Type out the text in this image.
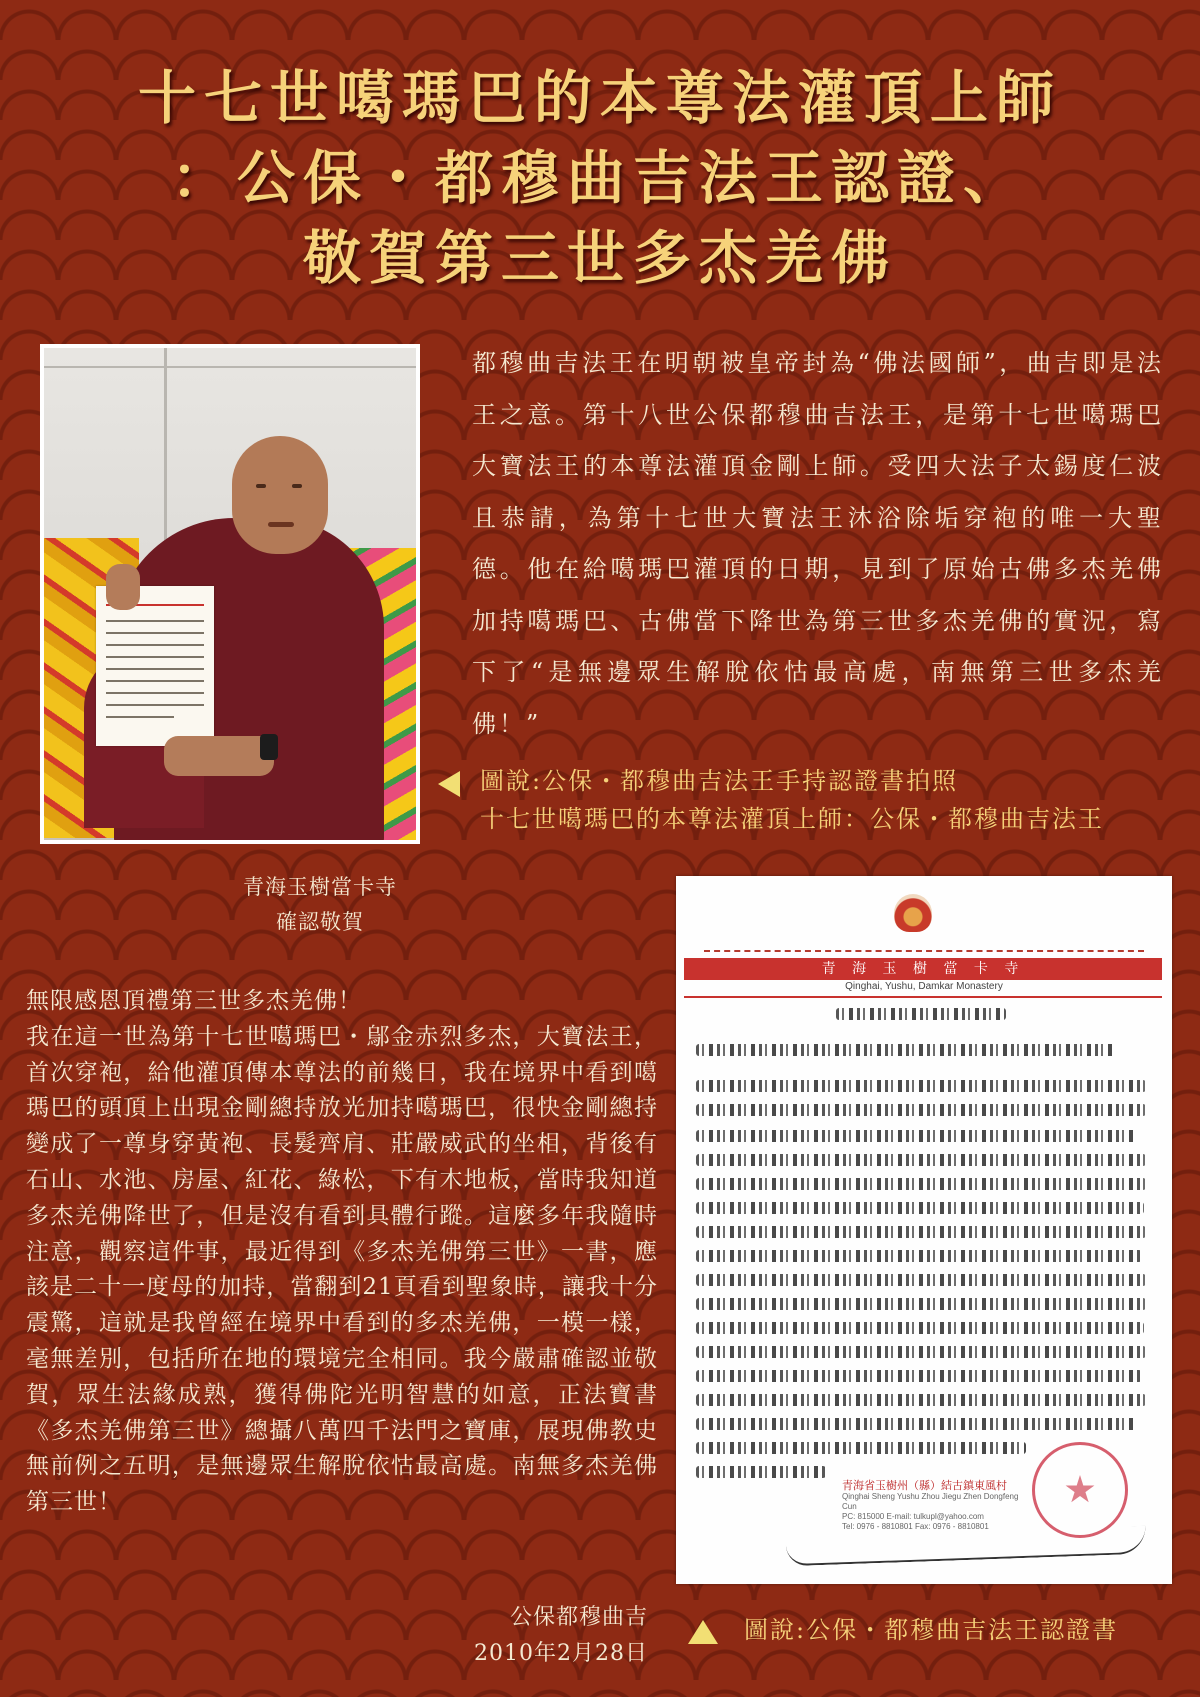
十七世噶瑪巴的本尊法灌頂上師
：公保・都穆曲吉法王認證、
敬賀第三世多杰羌佛

都穆曲吉法王在明朝被皇帝封為“佛法國師”，曲吉即是法王之意。第十八世公保都穆曲吉法王，是第十七世噶瑪巴大寶法王的本尊法灌頂金剛上師。受四大法子太錫度仁波且恭請，為第十七世大寶法王沐浴除垢穿袍的唯一大聖德。他在給噶瑪巴灌頂的日期，見到了原始古佛多杰羌佛加持噶瑪巴、古佛當下降世為第三世多杰羌佛的實況，寫下了“是無邊眾生解脫依怙最高處，南無第三世多杰羌佛！”

圖說:公保・都穆曲吉法王手持認證書拍照
十七世噶瑪巴的本尊法灌頂上師：公保・都穆曲吉法王

青海玉樹當卡寺
確認敬賀

無限感恩頂禮第三世多杰羌佛！
我在這一世為第十七世噶瑪巴・鄔金赤烈多杰，大寶法王，首次穿袍，給他灌頂傳本尊法的前幾日，我在境界中看到噶瑪巴的頭頂上出現金剛總持放光加持噶瑪巴，很快金剛總持變成了一尊身穿黃袍、長髮齊肩、莊嚴威武的坐相，背後有石山、水池、房屋、紅花、綠松，下有木地板，當時我知道多杰羌佛降世了，但是沒有看到具體行蹤。這麼多年我隨時注意，觀察這件事，最近得到《多杰羌佛第三世》一書，應該是二十一度母的加持，當翻到21頁看到聖象時，讓我十分震驚，這就是我曾經在境界中看到的多杰羌佛，一模一樣，毫無差別，包括所在地的環境完全相同。我今嚴肅確認並敬賀，眾生法緣成熟，獲得佛陀光明智慧的如意，正法寶書《多杰羌佛第三世》總攝八萬四千法門之寶庫，展現佛教史無前例之五明，是無邊眾生解脫依怙最高處。南無多杰羌佛第三世！

公保都穆曲吉
2010年2月28日
青 海 玉 樹 當 卡 寺
Qinghai, Yushu, Damkar Monastery
青海省玉樹州（縣）結古鎮東風村
Qinghai Sheng Yushu Zhou Jiegu Zhen Dongfeng Cun
PC: 815000 E-mail: tulkupl@yahoo.com
Tel: 0976 - 8810801 Fax: 0976 - 8810801

圖說:公保・都穆曲吉法王認證書
